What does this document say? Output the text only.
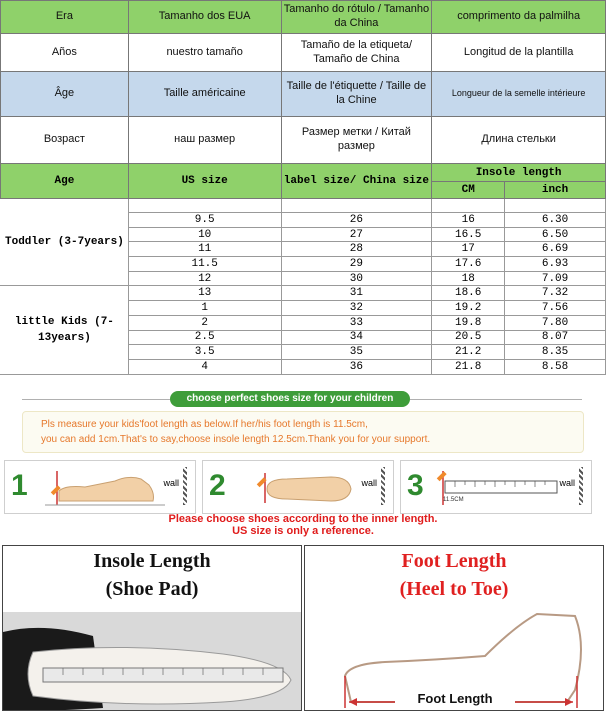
Era	Tamanho dos EUA	Tamanho do rótulo / Tamanho da China	comprimento da palmilha
Años	nuestro tamaño	Tamaño de la etiqueta/ Tamaño de China	Longitud de la plantilla
Âge	Taille américaine	Taille de l'étiquette / Taille de la Chine	Longueur de la semelle intérieure
Возраст	наш размер	Размер метки / Китай размер	Длина стельки
Age	US size	label size/ China size	Insole length	
			CM	inch
Toddler (3-7years)				
	9.5	26	16	6.30
	10	27	16.5	6.50
	11	28	17	6.69
	11.5	29	17.6	6.93
	12	30	18	7.09
little Kids (7-13years)	13	31	18.6	7.32
	1	32	19.2	7.56
	2	33	19.8	7.80
	2.5	34	20.5	8.07
	3.5	35	21.2	8.35
	4	36	21.8	8.58
choose perfect shoes size for your children

Pls measure your kids'foot length as below.If her/his foot length is 11.5cm,

you can add 1cm.That's to say,choose insole length 12.5cm.Thank you for your support.

1	wall 2	wall 3	11.5CM
wall
Please choose shoes according to the inner length.
US size is only a reference.
Insole Length
(Shoe Pad)
Foot Length
(Heel to Toe)
Foot Length
